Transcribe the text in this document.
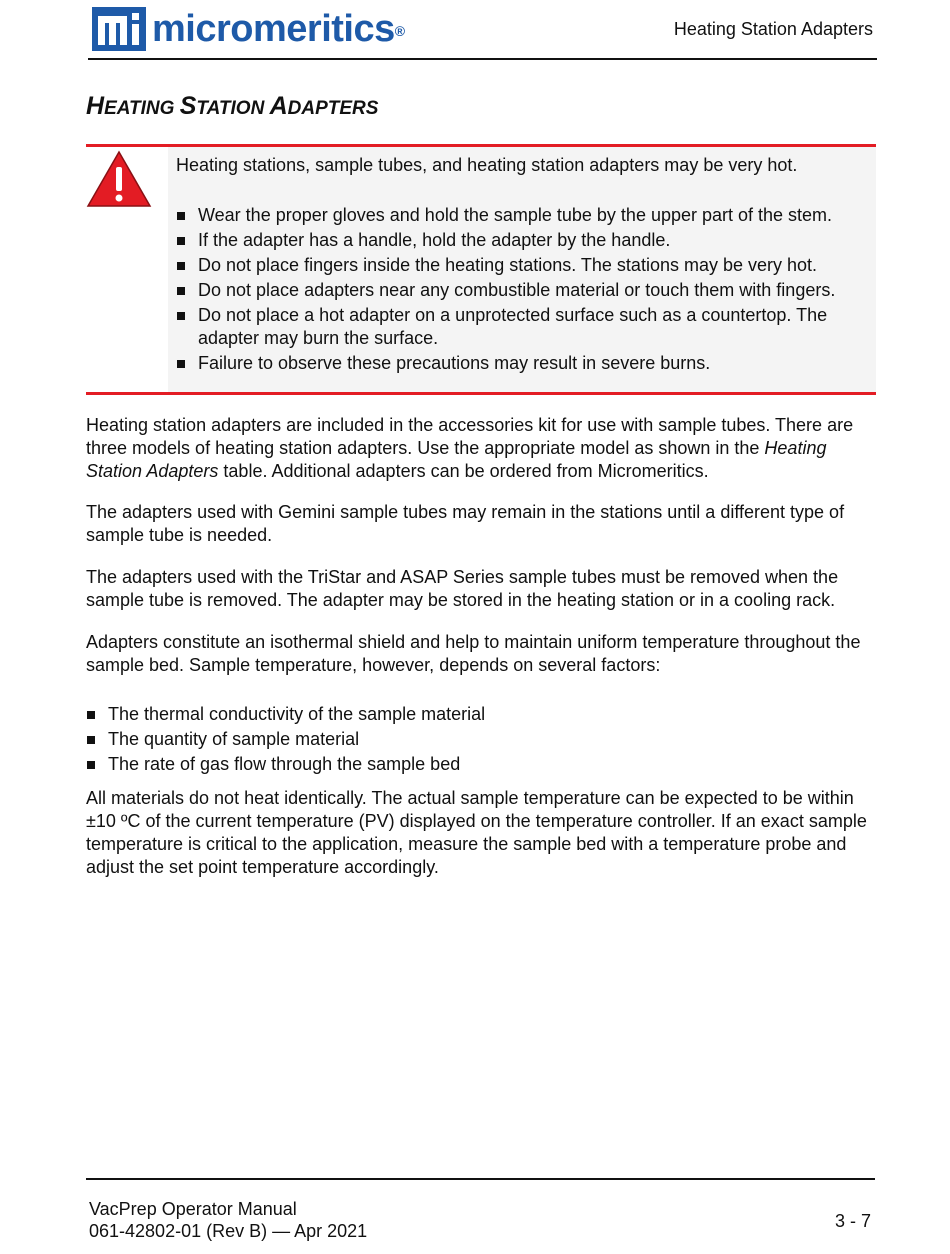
micromeritics®	Heating Station Adapters
HEATING STATION ADAPTERS
Heating stations, sample tubes, and heating station adapters may be very hot.
Wear the proper gloves and hold the sample tube by the upper part of the stem.
If the adapter has a handle, hold the adapter by the handle.
Do not place fingers inside the heating stations. The stations may be very hot.
Do not place adapters near any combustible material or touch them with fingers.
Do not place a hot adapter on a unprotected surface such as a countertop. The adapter may burn the surface.
Failure to observe these precautions may result in severe burns.

Heating station adapters are included in the accessories kit for use with sample tubes. There are three models of heating station adapters. Use the appropriate model as shown in the Heating Station Adapters table. Additional adapters can be ordered from Micromeritics.

The adapters used with Gemini sample tubes may remain in the stations until a different type of sample tube is needed.

The adapters used with the TriStar and ASAP Series sample tubes must be removed when the sample tube is removed. The adapter may be stored in the heating station or in a cooling rack.

Adapters constitute an isothermal shield and help to maintain uniform temperature throughout the sample bed. Sample temperature, however, depends on several factors:

The thermal conductivity of the sample material
The quantity of sample material
The rate of gas flow through the sample bed

All materials do not heat identically. The actual sample temperature can be expected to be within ±10 ºC of the current temperature (PV) displayed on the temperature controller. If an exact sample temperature is critical to the application, measure the sample bed with a temperature probe and adjust the set point temperature accordingly.

VacPrep Operator Manual
061-42802-01 (Rev B) — Apr 2021	3 - 7
